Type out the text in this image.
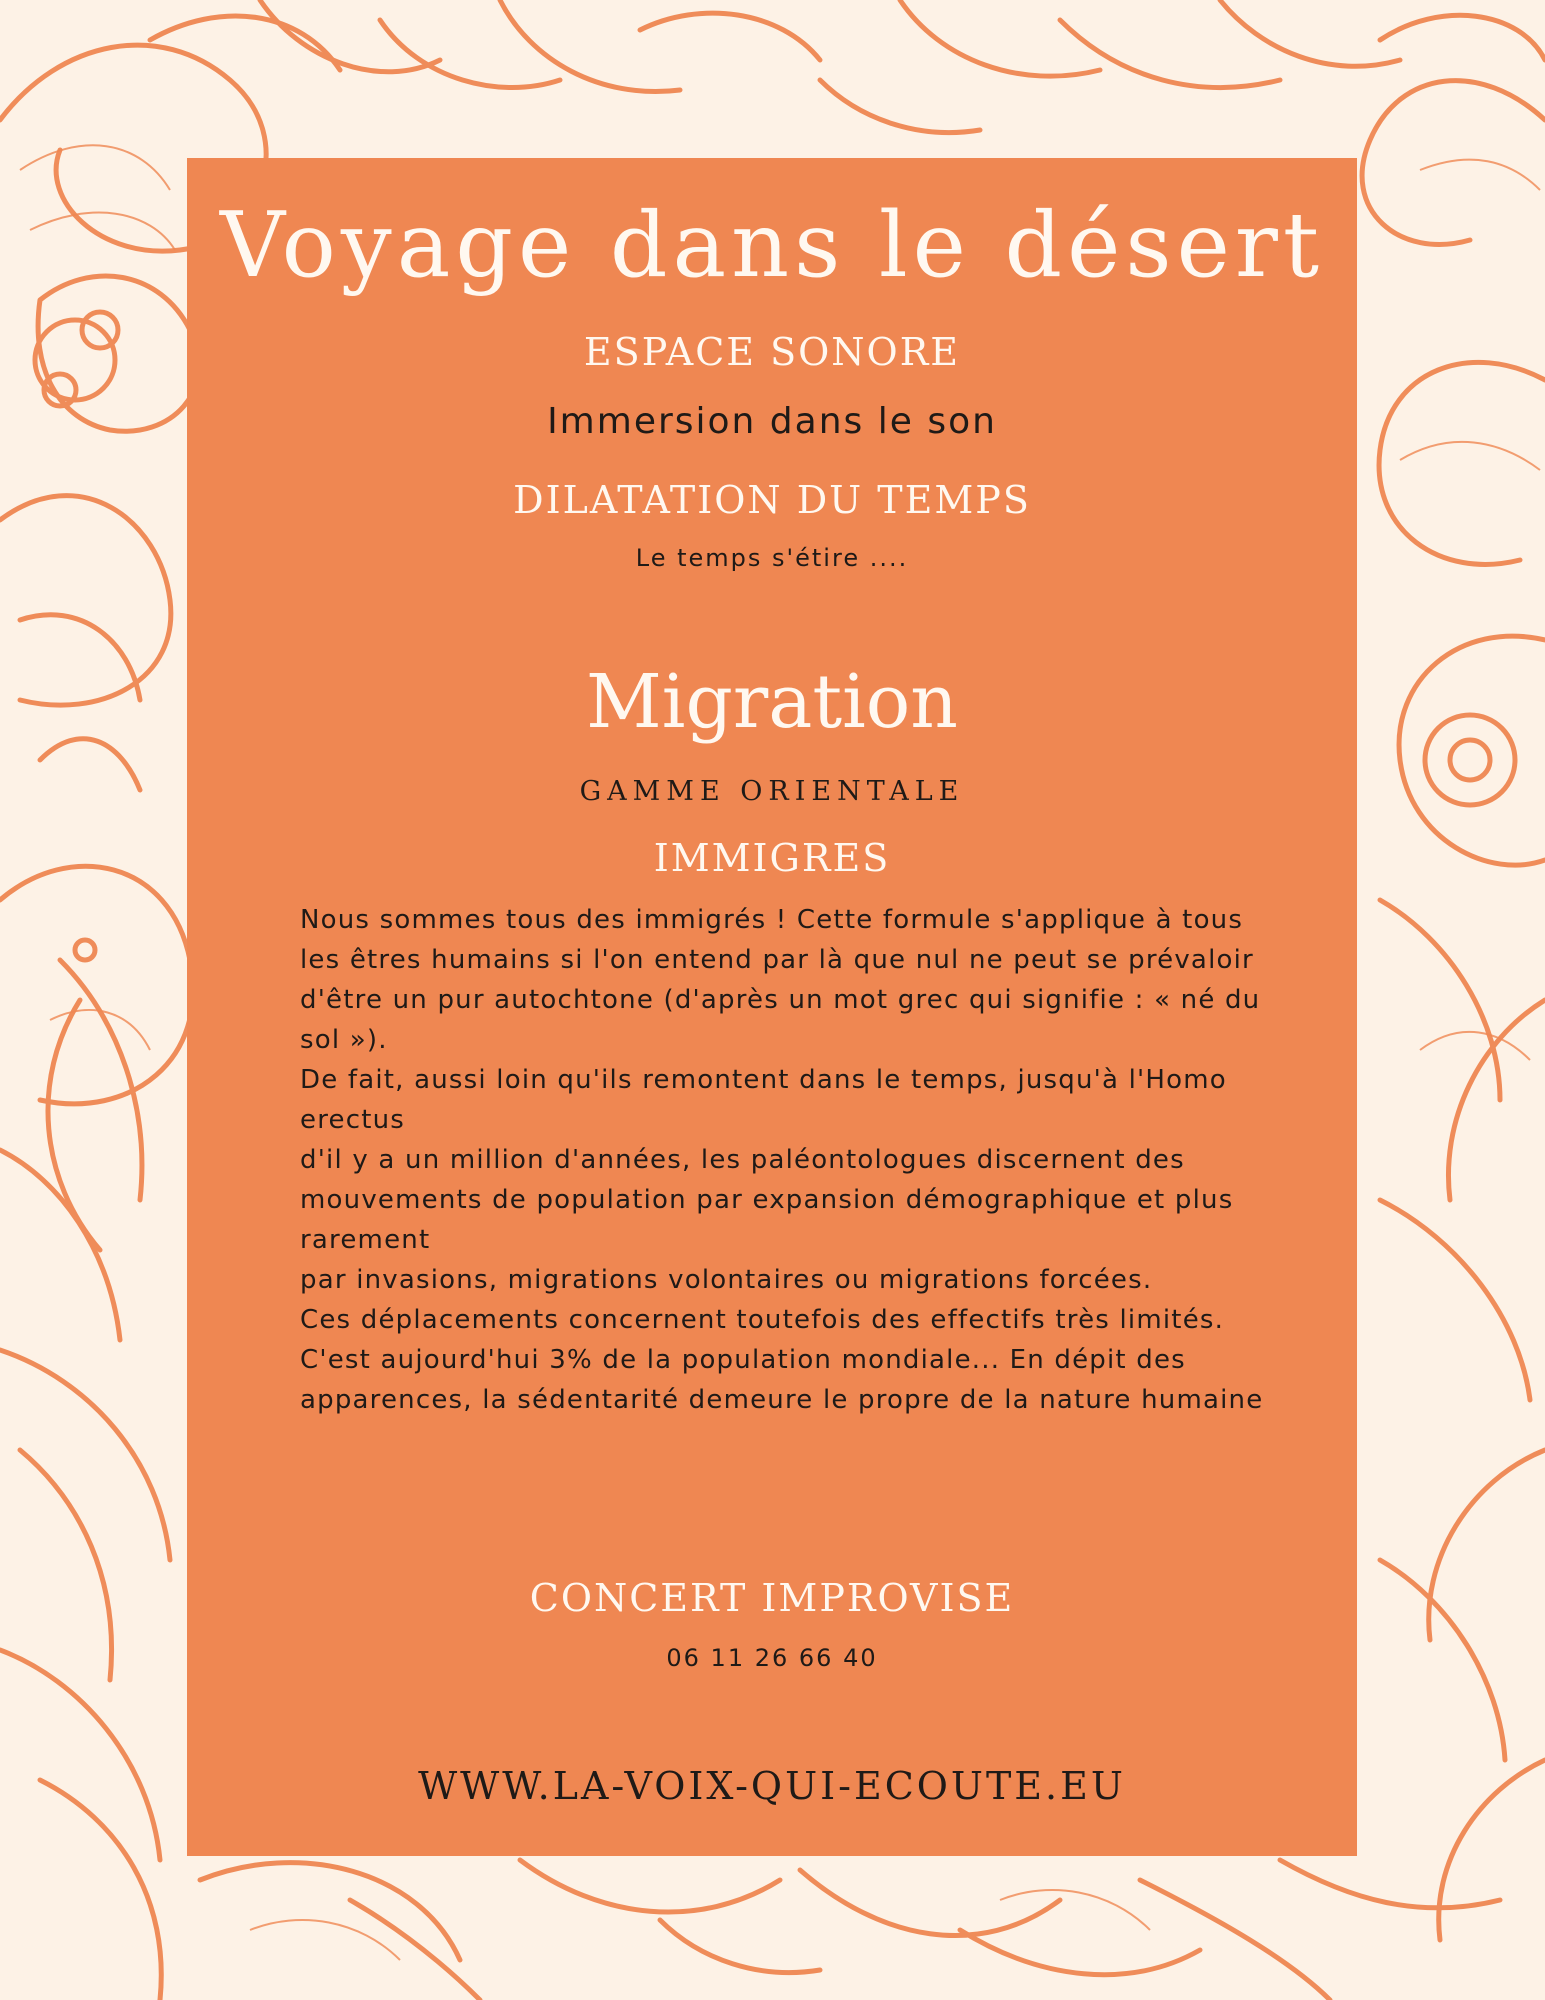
Voyage dans le désert
ESPACE SONORE
Immersion dans le son
DILATATION DU TEMPS
Le temps s'étire ....
Migration
GAMME ORIENTALE
IMMIGRES

Nous sommes tous des immigrés ! Cette formule s'applique à tous les êtres humains si l'on entend par là que nul ne peut se prévaloir d'être un pur autochtone (d'après un mot grec qui signifie : « né du sol »).

De fait, aussi loin qu'ils remontent dans le temps, jusqu'à l'Homo erectus

d'il y a un million d'années, les paléontologues discernent des mouvements de population par expansion démographique et plus rarement

par invasions, migrations volontaires ou migrations forcées.

Ces déplacements concernent toutefois des effectifs très limités.

C'est aujourd'hui 3% de la population mondiale... En dépit des apparences, la sédentarité demeure le propre de la nature humaine

CONCERT IMPROVISE
06 11 26 66 40
WWW.LA-VOIX-QUI-ECOUTE.EU
